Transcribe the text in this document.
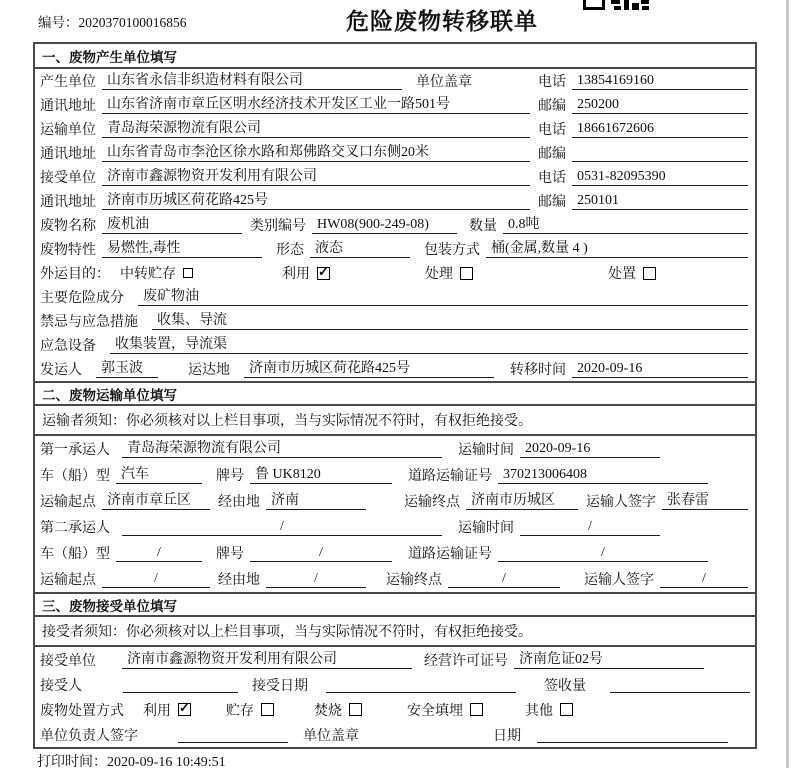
编号：2020370100016856	危险废物转移联单
一、废物产生单位填写
产生单位 山东省永信非织造材料有限公司	单位盖章	电话 13854169160
通讯地址 山东省济南市章丘区明水经济技术开发区工业一路501号	邮编 250200
运输单位 青岛海荣源物流有限公司	电话 18661672606
通讯地址 山东省青岛市李沧区徐水路和郑佛路交叉口东侧20米	邮编
接受单位 济南市鑫源物资开发利用有限公司	电话 0531-82095390
通讯地址 济南市历城区荷花路425号	邮编 250101
废物名称 废机油	类别编号 HW08(900-249-08)	数量 0.8吨
废物特性 易燃性,毒性	形态 液态	包装方式 桶(金属,数量 4 )
外运目的： 中转贮存	利用 ✓	处理	处置
主要危险成分	废矿物油
禁忌与应急措施	收集、导流
应急设备	收集装置，导流渠
发运人	郭玉波	运达地	济南市历城区荷花路425号	转移时间 2020-09-16
二、废物运输单位填写
运输者须知：你必须核对以上栏目事项，当与实际情况不符时，有权拒绝接受。
第一承运人	青岛海荣源物流有限公司	运输时间 2020-09-16
车（船）型 汽车	牌号 鲁 UK8120	道路运输证号 370213006408
运输起点 济南市章丘区	经由地 济南	运输终点 济南市历城区	运输人签字 张春雷
第二承运人	/	运输时间	/
车（船）型	/	牌号	/	道路运输证号	/
运输起点	/	经由地	/	运输终点	/	运输人签字	/
三、废物接受单位填写
接受者须知：你必须核对以上栏目事项，当与实际情况不符时，有权拒绝接受。
接受单位	济南市鑫源物资开发利用有限公司	经营许可证号 济南危证02号
接受人	接受日期	签收量
废物处置方式 利用 ✓	贮存	焚烧	安全填埋	其他
单位负责人签字	单位盖章	日期
打印时间：2020-09-16 10:49:51
